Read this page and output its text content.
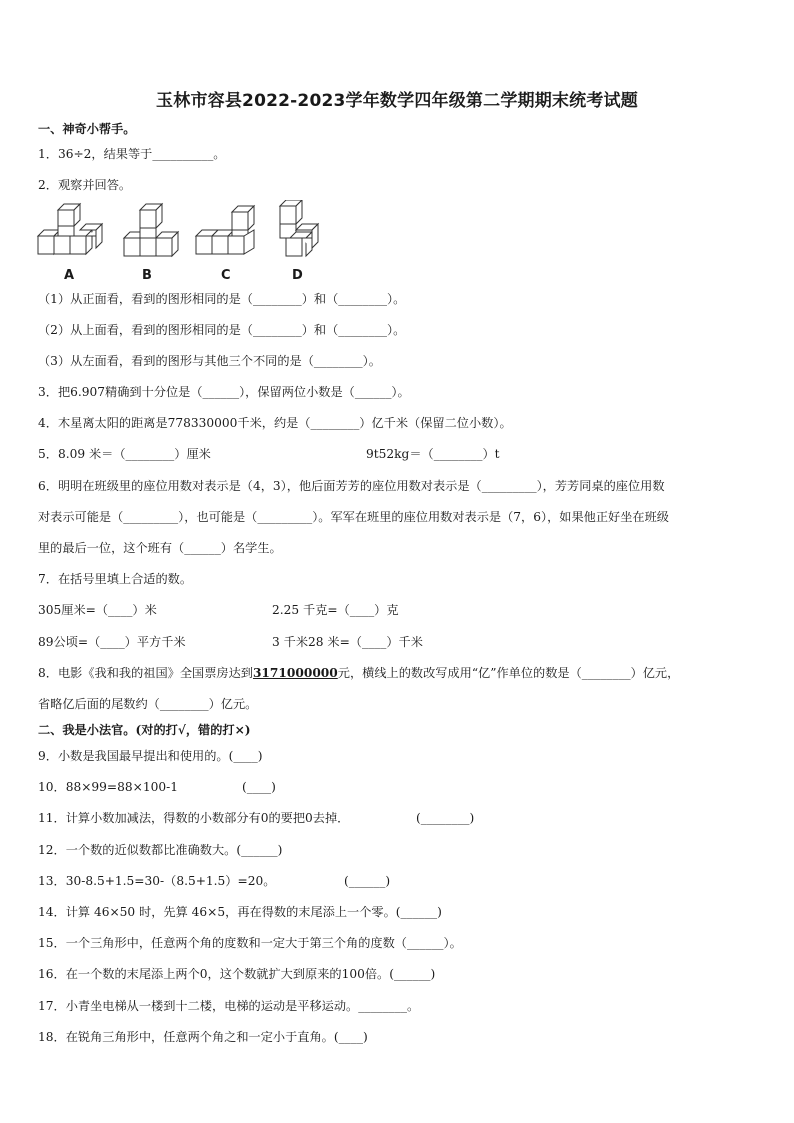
玉林市容县2022-2023学年数学四年级第二学期期末统考试题
一、神奇小帮手。
1．36÷2，结果等于__________。
2．观察并回答。
A	B	C	D
（1）从正面看，看到的图形相同的是（________）和（________）。
（2）从上面看，看到的图形相同的是（________）和（________）。
（3）从左面看，看到的图形与其他三个不同的是（________）。
3．把6.907精确到十分位是（______），保留两位小数是（______）。
4．木星离太阳的距离是778330000千米，约是（________）亿千米（保留二位小数）。
5．8.09 米＝（________）厘米	9t52kg＝（________）t
6．明明在班级里的座位用数对表示是（4，3），他后面芳芳的座位用数对表示是（_________），芳芳同桌的座位用数
对表示可能是（_________），也可能是（_________）。军军在班里的座位用数对表示是（7，6），如果他正好坐在班级
里的最后一位，这个班有（______）名学生。
7．在括号里填上合适的数。
305厘米=（____）米	2.25 千克=（____）克
89公顷=（____）平方千米	3 千米28 米=（____）千米
8．电影《我和我的祖国》全国票房达到3171000000元，横线上的数改写成用“亿”作单位的数是（________）亿元，
省略亿后面的尾数约（________）亿元。
二、我是小法官。(对的打√，错的打×)
9．小数是我国最早提出和使用的。(____)
10．88×99=88×100-1	(____)
11．计算小数加减法，得数的小数部分有0的要把0去掉．	(________)
12．一个数的近似数都比准确数大。(______)
13．30-8.5+1.5=30-（8.5+1.5）=20。	(______)
14．计算 46×50 时，先算 46×5，再在得数的末尾添上一个零。(______)
15．一个三角形中，任意两个角的度数和一定大于第三个角的度数（______）。
16．在一个数的末尾添上两个0，这个数就扩大到原来的100倍。(______)
17．小青坐电梯从一楼到十二楼，电梯的运动是平移运动。________。
18．在锐角三角形中，任意两个角之和一定小于直角。(____)
